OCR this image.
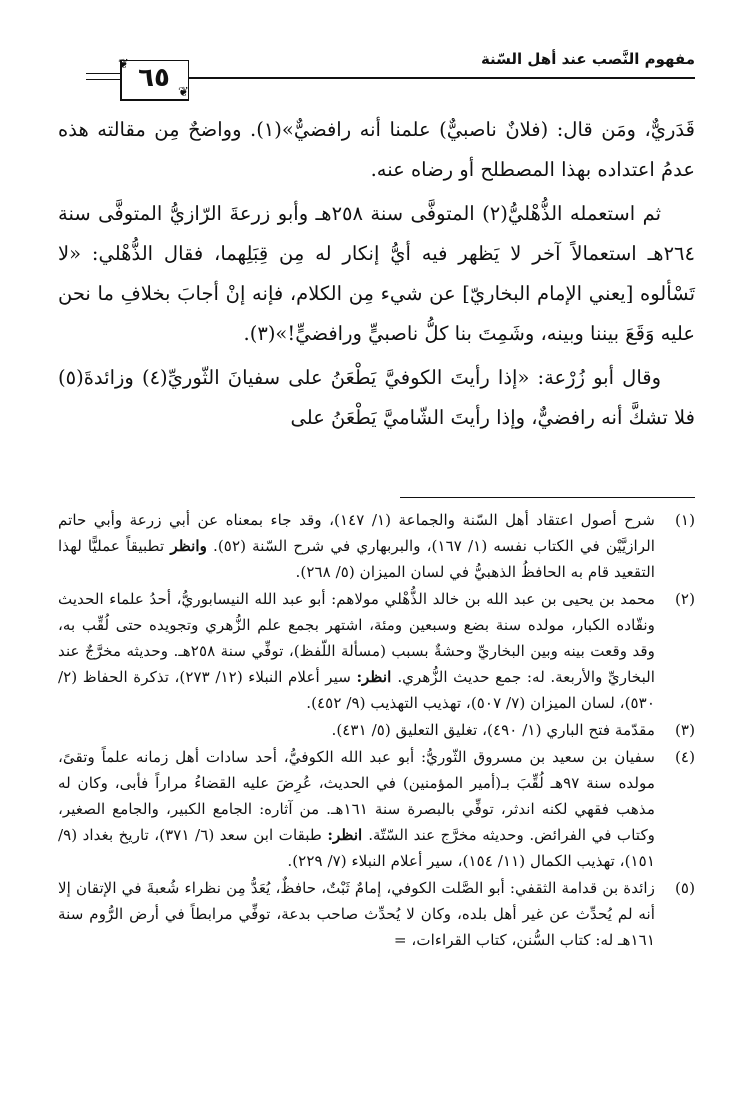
مفهوم النَّصب عند أهل السّنة
٦٥
❦
❦

قَدَريٌّ، ومَن قال: (فلانٌ ناصبيٌّ) علمنا أنه رافضيٌّ»(١). وواضحٌ مِن مقالته هذه عدمُ اعتداده بهذا المصطلح أو رضاه عنه.

ثم استعمله الذُّهْليُّ(٢) المتوفَّى سنة ٢٥٨هـ وأبو زرعةَ الرّازيُّ المتوفَّى سنة ٢٦٤هـ استعمالاً آخر لا يَظهر فيه أيُّ إنكار له مِن قِبَلِهما، فقال الذُّهْلي: «لا تَسْألوه [يعني الإمام البخاريّ] عن شيء مِن الكلام، فإنه إنْ أجابَ بخلافِ ما نحن عليه وَقَعَ بيننا وبينه، وشَمِتَ بنا كلُّ ناصبيٍّ ورافضيٍّ!»(٣).

وقال أبو زُرْعة: «إذا رأيتَ الكوفيَّ يَطْعَنُ على سفيانَ الثّوريِّ(٤) وزائدةَ(٥) فلا تشكَّ أنه رافضيٌّ، وإذا رأيتَ الشّاميَّ يَطْعَنُ على

(١)
شرح أصول اعتقاد أهل السّنة والجماعة (١/ ١٤٧)، وقد جاء بمعناه عن أبي زرعة وأبي حاتم الرازيَّيْن في الكتاب نفسه (١/ ١٦٧)، والبربهاري في شرح السّنة (٥٢). وانظر تطبيقاً عمليًّا لهذا التقعيد قام به الحافظُ الذهبيُّ في لسان الميزان (٥/ ٢٦٨).
(٢)
محمد بن يحيى بن عبد الله بن خالد الذُّهْلي مولاهم: أبو عبد الله النيسابوريُّ، أحدُ علماء الحديث ونقّاده الكبار، مولده سنة بضع وسبعين ومئة، اشتهر بجمع علم الزُّهري وتجويده حتى لُقِّب به، وقد وقعت بينه وبين البخاريِّ وحشةٌ بسبب (مسألة اللّفظ)، توفِّي سنة ٢٥٨هـ. وحديثه مخرَّجٌ عند البخاريِّ والأربعة. له: جمع حديث الزُّهري. انظر: سير أعلام النبلاء (١٢/ ٢٧٣)، تذكرة الحفاظ (٢/ ٥٣٠)، لسان الميزان (٧/ ٥٠٧)، تهذيب التهذيب (٩/ ٤٥٢).
(٣)
مقدّمة فتح الباري (١/ ٤٩٠)، تغليق التعليق (٥/ ٤٣١).
(٤)
سفيان بن سعيد بن مسروق الثّوريُّ: أبو عبد الله الكوفيُّ، أحد سادات أهل زمانه علماً وتقىً، مولده سنة ٩٧هـ لُقِّبَ بـ(أمير المؤمنين) في الحديث، عُرِضَ عليه القضاءُ مراراً فأبى، وكان له مذهب فقهي لكنه اندثر، توفِّي بالبصرة سنة ١٦١هـ. من آثاره: الجامع الكبير، والجامع الصغير، وكتاب في الفرائض. وحديثه مخرَّج عند السّتّة. انظر: طبقات ابن سعد (٦/ ٣٧١)، تاريخ بغداد (٩/ ١٥١)، تهذيب الكمال (١١/ ١٥٤)، سير أعلام النبلاء (٧/ ٢٢٩).
(٥)
زائدة بن قدامة الثقفي: أبو الصَّلت الكوفي، إمامٌ ثَبْتٌ، حافظٌ، يُعَدُّ مِن نظراء شُعبةَ في الإتقان إلا أنه لم يُحدِّث عن غير أهل بلده، وكان لا يُحدِّث صاحب بدعة، توفِّي مرابطاً في أرض الرُّوم سنة ١٦١هـ له: كتاب السُّنن، كتاب القراءات، =
